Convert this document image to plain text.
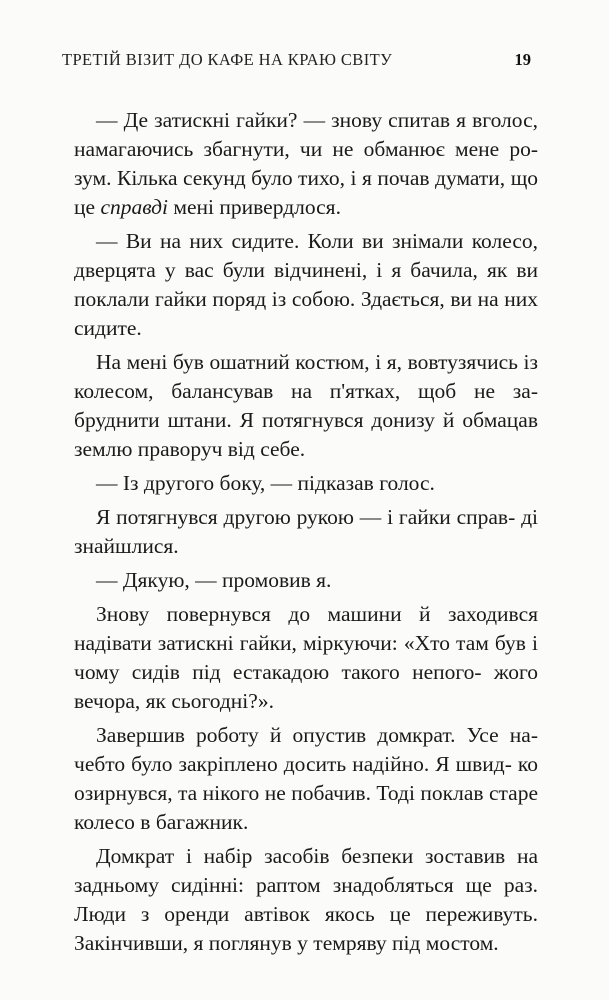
ТРЕТІЙ ВІЗИТ ДО КАФЕ НА КРАЮ СВІТУ	19

— Де затискні гайки? — знову спитав я вголос, намагаючись збагнути, чи не обманює мене ро- зум. Кілька секунд було тихо, і я почав думати, що це справді мені привердлося.

— Ви на них сидите. Коли ви знімали колесо, дверцята у вас були відчинені, і я бачила, як ви поклали гайки поряд із собою. Здається, ви на них сидите.

На мені був ошатний костюм, і я, вовтузячись із колесом, балансував на п'ятках, щоб не за- бруднити штани. Я потягнувся донизу й обмацав землю праворуч від себе.

— Із другого боку, — підказав голос.

Я потягнувся другою рукою — і гайки справ- ді знайшлися.

— Дякую, — промовив я.

Знову повернувся до машини й заходився надівати затискні гайки, міркуючи: «Хто там був і чому сидів під естакадою такого непого- жого вечора, як сьогодні?».

Завершив роботу й опустив домкрат. Усе на- чебто було закріплено досить надійно. Я швид- ко озирнувся, та нікого не побачив. Тоді поклав старе колесо в багажник.

Домкрат і набір засобів безпеки зоставив на задньому сидінні: раптом знадобляться ще раз. Люди з оренди автівок якось це переживуть. Закінчивши, я поглянув у темряву під мостом.
